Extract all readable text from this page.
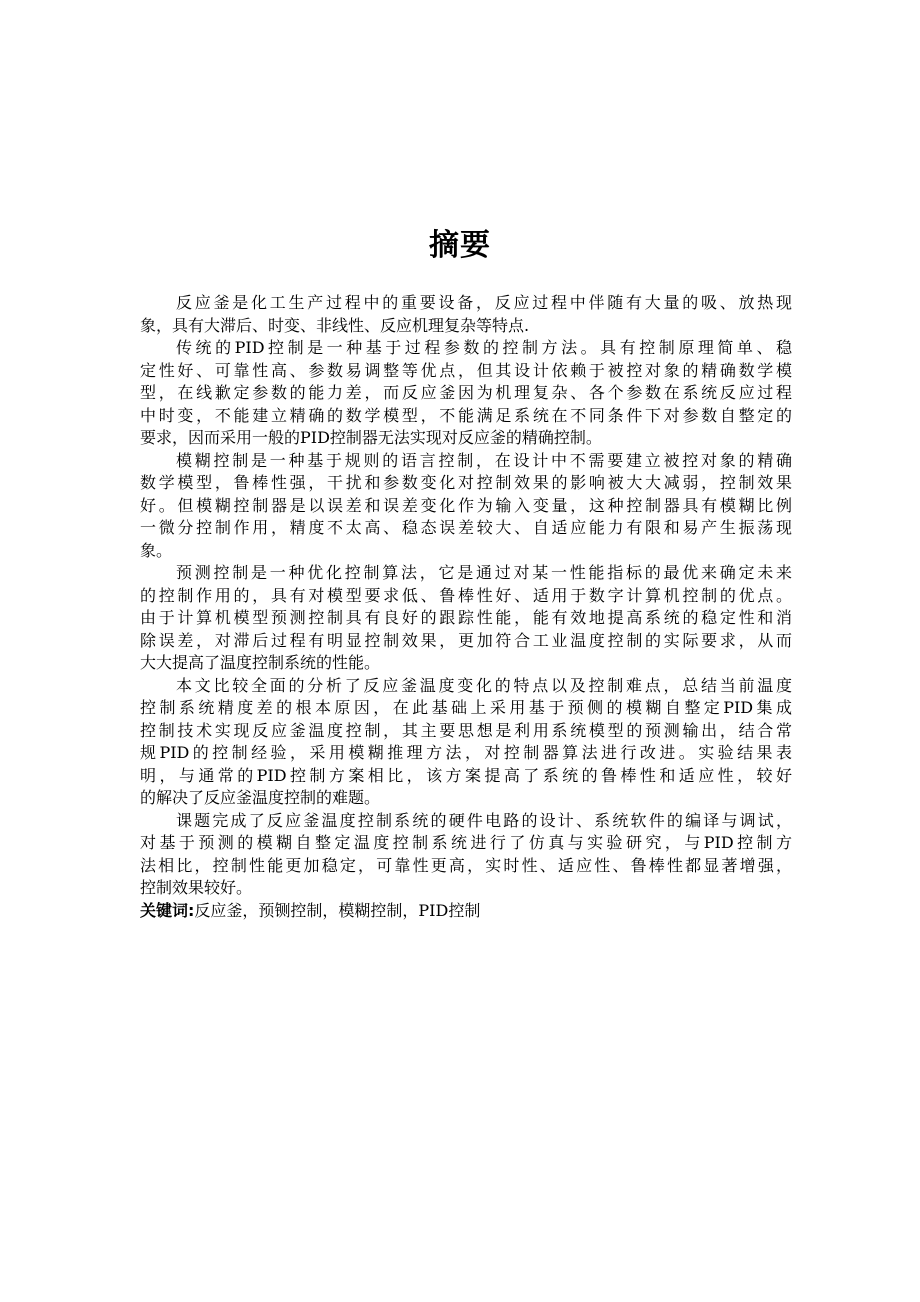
摘要
反应釜是化工生产过程中的重要设备，反应过程中伴随有大量的吸、放热现
象，具有大滞后、时变、非线性、反应机理复杂等特点.
传统的PID控制是一种基于过程参数的控制方法。具有控制原理简单、稳
定性好、可靠性高、参数易调整等优点，但其设计依赖于被控对象的精确数学模
型，在线歉定参数的能力差，而反应釜因为机理复杂、各个参数在系统反应过程
中时变，不能建立精确的数学模型，不能满足系统在不同条件下对参数自整定的
要求，因而采用一般的PID控制器无法实现对反应釜的精确控制。
模糊控制是一种基于规则的语言控制，在设计中不需要建立被控对象的精确
数学模型，鲁棒性强，干扰和参数变化对控制效果的影响被大大减弱，控制效果
好。但模糊控制器是以误差和误差变化作为输入变量，这种控制器具有模糊比例
一微分控制作用，精度不太高、稳态误差较大、自适应能力有限和易产生振荡现
象。
预测控制是一种优化控制算法，它是通过对某一性能指标的最优来确定未来
的控制作用的，具有对模型要求低、鲁棒性好、适用于数字计算机控制的优点。
由于计算机模型预测控制具有良好的跟踪性能，能有效地提高系统的稳定性和消
除误差，对滞后过程有明显控制效果，更加符合工业温度控制的实际要求，从而
大大提高了温度控制系统的性能。
本文比较全面的分析了反应釜温度变化的特点以及控制难点，总结当前温度
控制系统精度差的根本原因，在此基础上采用基于预侧的模糊自整定PID集成
控制技术实现反应釜温度控制，其主要思想是利用系统模型的预测输出，结合常
规PID的控制经验，采用模糊推理方法，对控制器算法进行改进。实验结果表
明，与通常的PID控制方案相比，该方案提高了系统的鲁棒性和适应性，较好
的解决了反应釜温度控制的难题。
课题完成了反应釜温度控制系统的硬件电路的设计、系统软件的编译与调试，
对基于预测的模糊自整定温度控制系统进行了仿真与实验研究，与PID控制方
法相比，控制性能更加稳定，可靠性更高，实时性、适应性、鲁棒性都显著增强，
控制效果较好。
关键词:反应釜，预铡控制，模糊控制，PID控制
